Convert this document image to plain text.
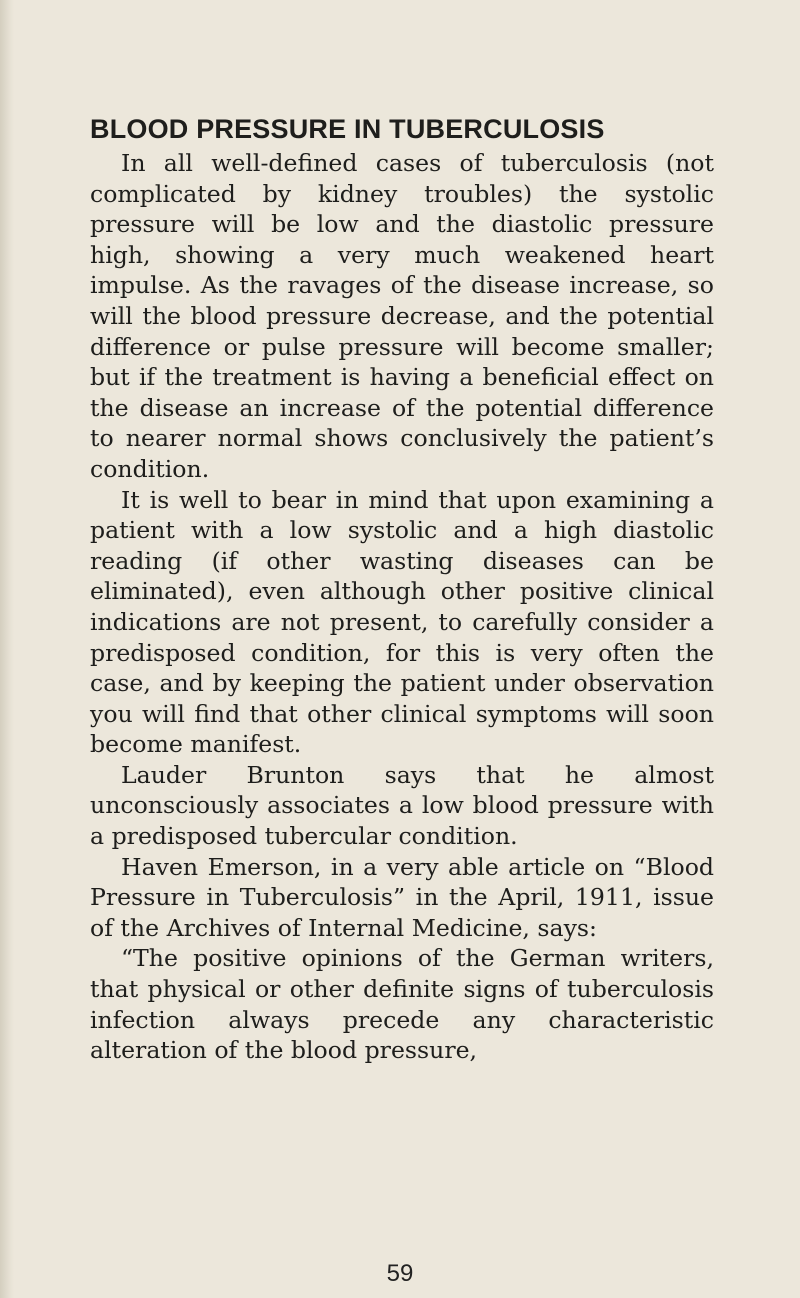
BLOOD PRESSURE IN TUBERCULOSIS

In all well-defined cases of tuberculosis (not complicated by kidney troubles) the systolic pressure will be low and the diastolic pressure high, showing a very much weakened heart impulse. As the ravages of the disease increase, so will the blood pressure decrease, and the potential difference or pulse pressure will become smaller; but if the treatment is having a beneficial effect on the disease an increase of the potential difference to nearer normal shows conclusively the patient’s condition.

It is well to bear in mind that upon examining a patient with a low systolic and a high diastolic reading (if other wasting diseases can be eliminated), even although other positive clinical indications are not present, to carefully consider a predisposed condition, for this is very often the case, and by keeping the patient under observation you will find that other clinical symptoms will soon become manifest.

Lauder Brunton says that he almost unconsciously associates a low blood pressure with a predisposed tubercular condition.

Haven Emerson, in a very able article on “Blood Pressure in Tuberculosis” in the April, 1911, issue of the Archives of Internal Medicine, says:

“The positive opinions of the German writers, that physical or other definite signs of tuberculosis infection always precede any characteristic alteration of the blood pressure,

59
